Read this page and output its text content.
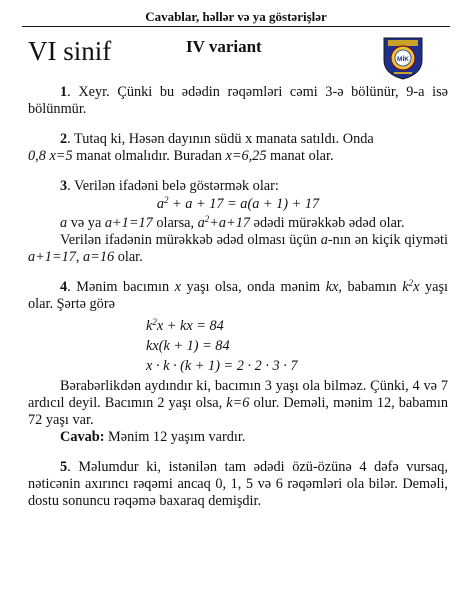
Cavablar, həllər və ya göstərişlər
VI sinif	IV variant
MİK

1. Xeyr. Çünki bu ədədin rəqəmləri cəmi 3-ə bölünür, 9-a isə bölünmür.

2. Tutaq ki, Həsən dayının südü x manata satıldı. Onda
0,8 x=5 manat olmalıdır. Buradan x=6,25 manat olar.

3. Verilən ifadəni belə göstərmək olar:

$a^2 + a + 17 = a(a + 1) + 17$

a və ya a+1=17 olarsa, $a^2+a+17$ ədədi mürəkkəb ədəd olar.

Verilən ifadənin mürəkkəb ədəd olması üçün a-nın ən kiçik qiyməti a+1=17, a=16 olar.

4. Mənim bacımın x yaşı olsa, onda mənim kx, babamın $k^2x$ yaşı olar. Şərtə görə

$k^2x$ + kx = 84

kx(k + 1) = 84

x · k · (k + 1) = 2 · 2 · 3 · 7

Bərabərlikdən aydındır ki, bacımın 3 yaşı ola bilməz. Çünki, 4 və 7 ardıcıl deyil. Bacımın 2 yaşı olsa, k=6 olur. Deməli, mənim 12, babamın 72 yaşı var.

Cavab: Mənim 12 yaşım vardır.

5. Məlumdur ki, istənilən tam ədədi özü-özünə 4 dəfə vursaq, nəticənin axırıncı rəqəmi ancaq 0, 1, 5 və 6 rəqəmləri ola bilər. Deməli, dostu sonuncu rəqəmə baxaraq demişdir.
